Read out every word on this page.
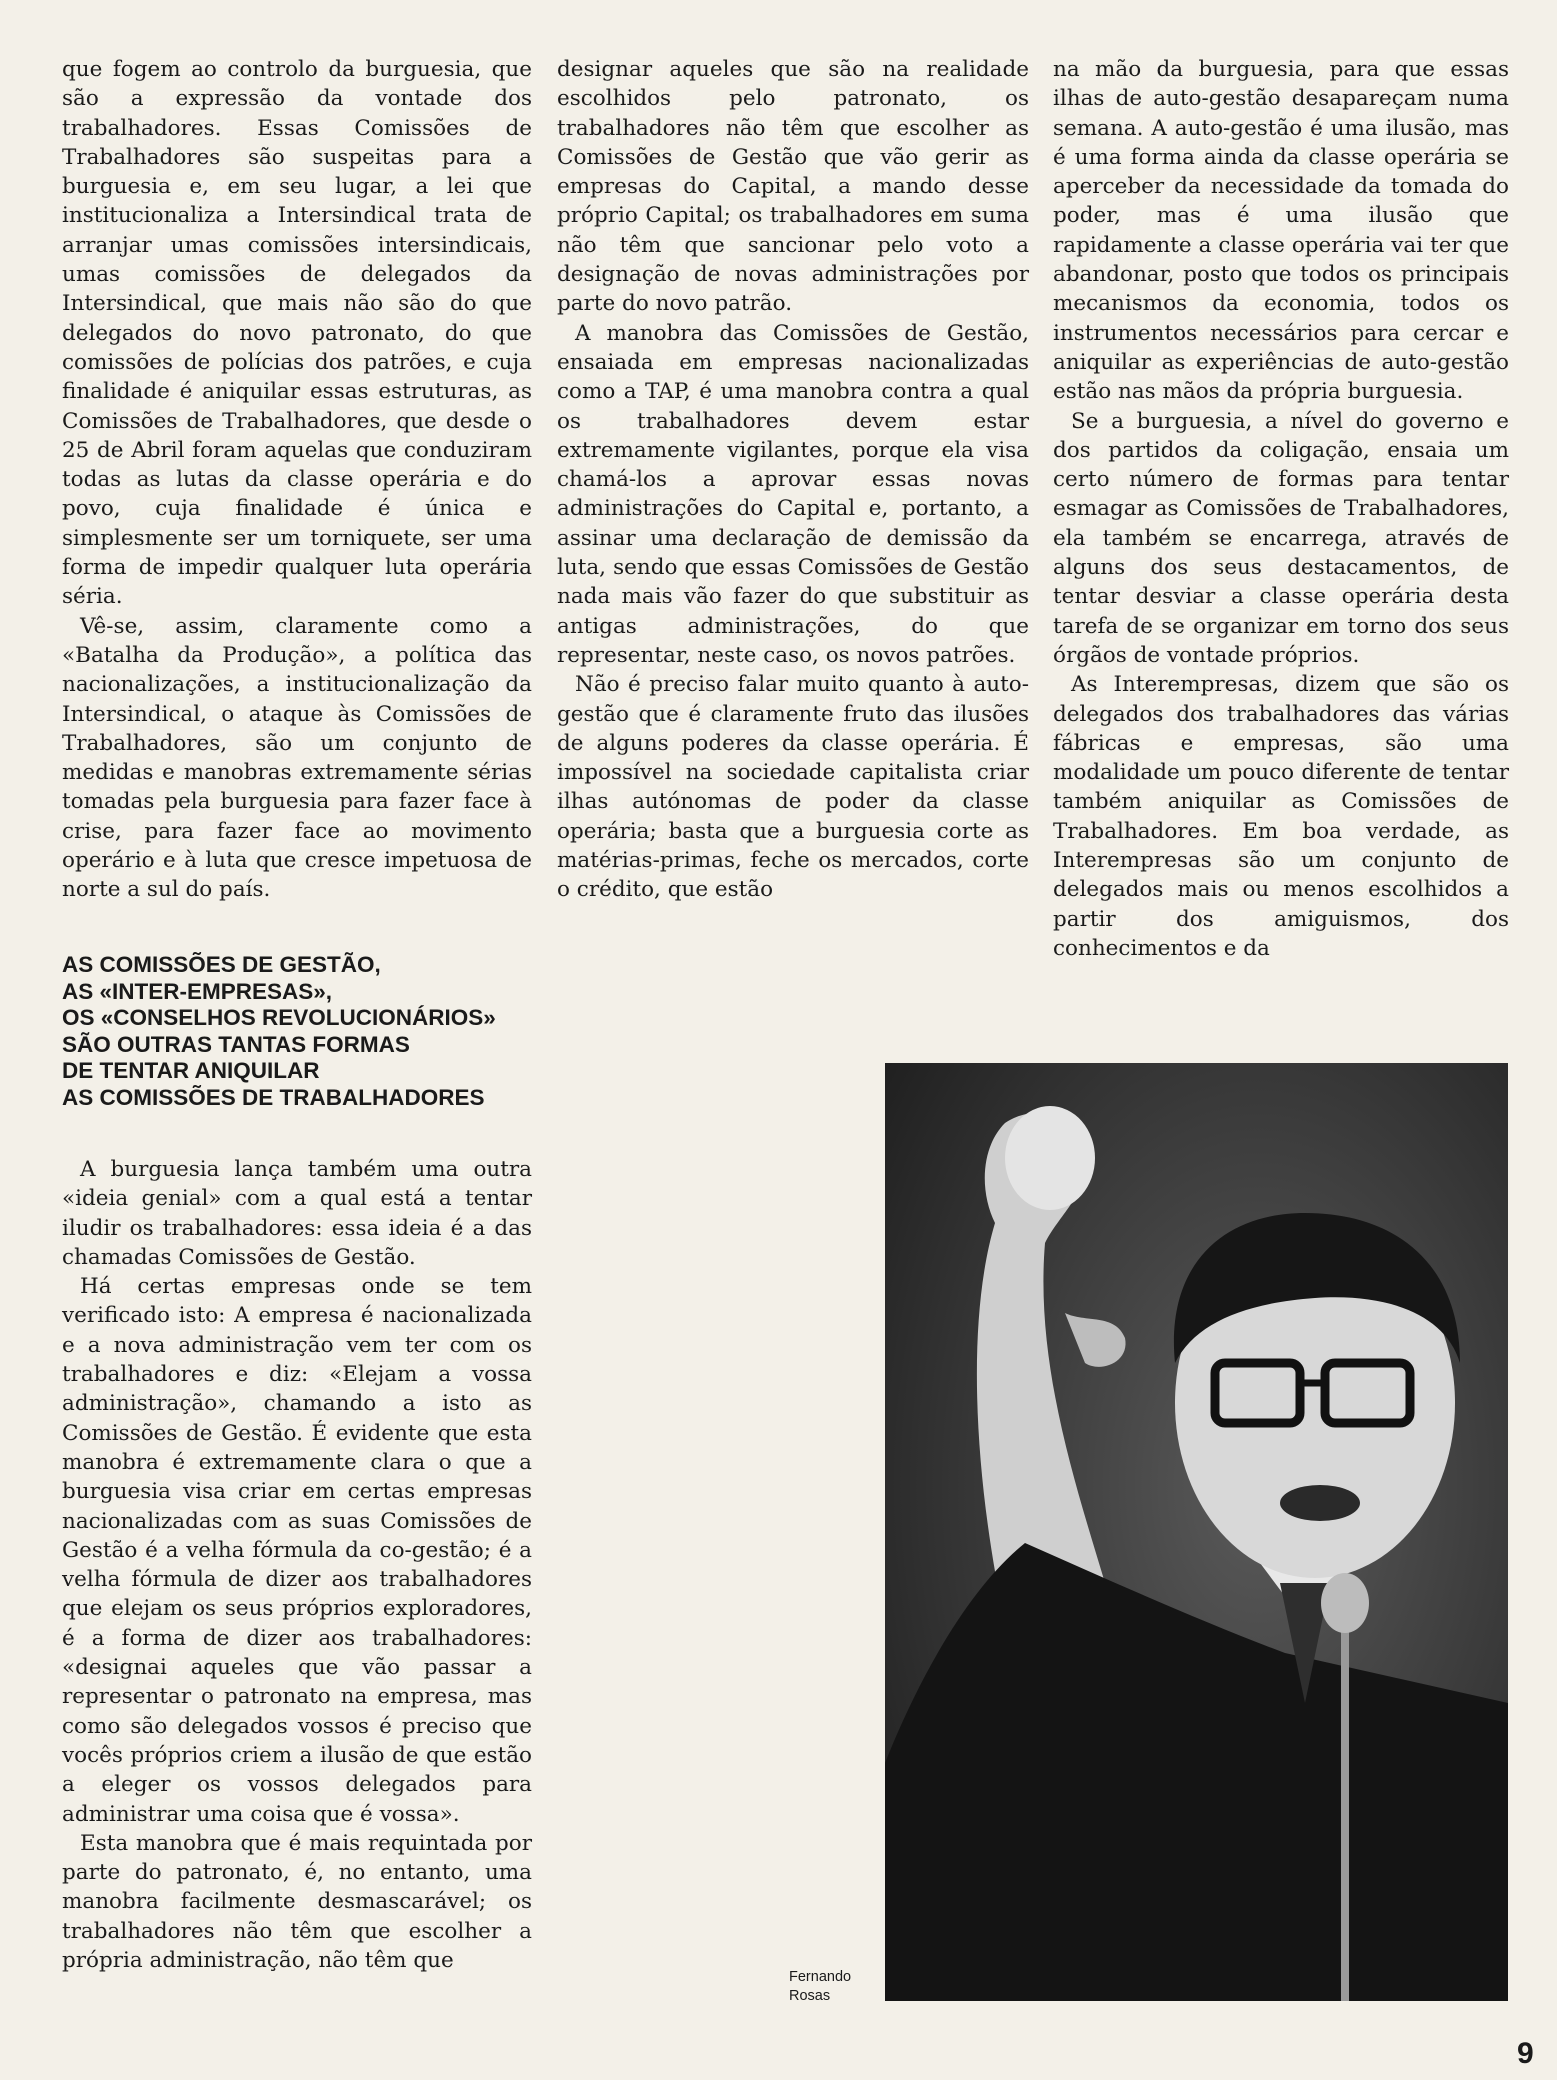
que fogem ao controlo da burguesia, que são a expressão da vontade dos trabalhadores. Essas Comissões de Trabalhadores são suspeitas para a burguesia e, em seu lugar, a lei que institucionaliza a Intersindical trata de arranjar umas comissões intersindicais, umas comissões de delegados da Intersindical, que mais não são do que delegados do novo patronato, do que comissões de polícias dos patrões, e cuja finalidade é aniquilar essas estruturas, as Comissões de Trabalhadores, que desde o 25 de Abril foram aquelas que conduziram todas as lutas da classe operária e do povo, cuja finalidade é única e simplesmente ser um torniquete, ser uma forma de impedir qualquer luta operária séria.

Vê-se, assim, claramente como a «Batalha da Produção», a política das nacionalizações, a institucionalização da Intersindical, o ataque às Comissões de Trabalhadores, são um conjunto de medidas e manobras extremamente sérias tomadas pela burguesia para fazer face à crise, para fazer face ao movimento operário e à luta que cresce impetuosa de norte a sul do país.

AS COMISSÕES DE GESTÃO,
AS «INTER-EMPRESAS»,
OS «CONSELHOS REVOLUCIONÁRIOS»
SÃO OUTRAS TANTAS FORMAS
DE TENTAR ANIQUILAR
AS COMISSÕES DE TRABALHADORES

A burguesia lança também uma outra «ideia genial» com a qual está a tentar iludir os trabalhadores: essa ideia é a das chamadas Comissões de Gestão.

Há certas empresas onde se tem verificado isto: A empresa é nacionalizada e a nova administração vem ter com os trabalhadores e diz: «Elejam a vossa administração», chamando a isto as Comissões de Gestão. É evidente que esta manobra é extremamente clara o que a burguesia visa criar em certas empresas nacionalizadas com as suas Comissões de Gestão é a velha fórmula da co-gestão; é a velha fórmula de dizer aos trabalhadores que elejam os seus próprios exploradores, é a forma de dizer aos trabalhadores: «designai aqueles que vão passar a representar o patronato na empresa, mas como são delegados vossos é preciso que vocês próprios criem a ilusão de que estão a eleger os vossos delegados para administrar uma coisa que é vossa».

Esta manobra que é mais requintada por parte do patronato, é, no entanto, uma manobra facilmente desmascarável; os trabalhadores não têm que escolher a própria administração, não têm que

designar aqueles que são na realidade escolhidos pelo patronato, os trabalhadores não têm que escolher as Comissões de Gestão que vão gerir as empresas do Capital, a mando desse próprio Capital; os trabalhadores em suma não têm que sancionar pelo voto a designação de novas administrações por parte do novo patrão.

A manobra das Comissões de Gestão, ensaiada em empresas nacionalizadas como a TAP, é uma manobra contra a qual os trabalhadores devem estar extremamente vigilantes, porque ela visa chamá-los a aprovar essas novas administrações do Capital e, portanto, a assinar uma declaração de demissão da luta, sendo que essas Comissões de Gestão nada mais vão fazer do que substituir as antigas administrações, do que representar, neste caso, os novos patrões.

Não é preciso falar muito quanto à auto-gestão que é claramente fruto das ilusões de alguns poderes da classe operária. É impossível na sociedade capitalista criar ilhas autónomas de poder da classe operária; basta que a burguesia corte as matérias-primas, feche os mercados, corte o crédito, que estão

na mão da burguesia, para que essas ilhas de auto-gestão desapareçam numa semana. A auto-gestão é uma ilusão, mas é uma forma ainda da classe operária se aperceber da necessidade da tomada do poder, mas é uma ilusão que rapidamente a classe operária vai ter que abandonar, posto que todos os principais mecanismos da economia, todos os instrumentos necessários para cercar e aniquilar as experiências de auto-gestão estão nas mãos da própria burguesia.

Se a burguesia, a nível do governo e dos partidos da coligação, ensaia um certo número de formas para tentar esmagar as Comissões de Trabalhadores, ela também se encarrega, através de alguns dos seus destacamentos, de tentar desviar a classe operária desta tarefa de se organizar em torno dos seus órgãos de vontade próprios.

As Interempresas, dizem que são os delegados dos trabalhadores das várias fábricas e empresas, são uma modalidade um pouco diferente de tentar também aniquilar as Comissões de Trabalhadores. Em boa verdade, as Interempresas são um conjunto de delegados mais ou menos escolhidos a partir dos amiguismos, dos conhecimentos e da

Fernando
Rosas
9
